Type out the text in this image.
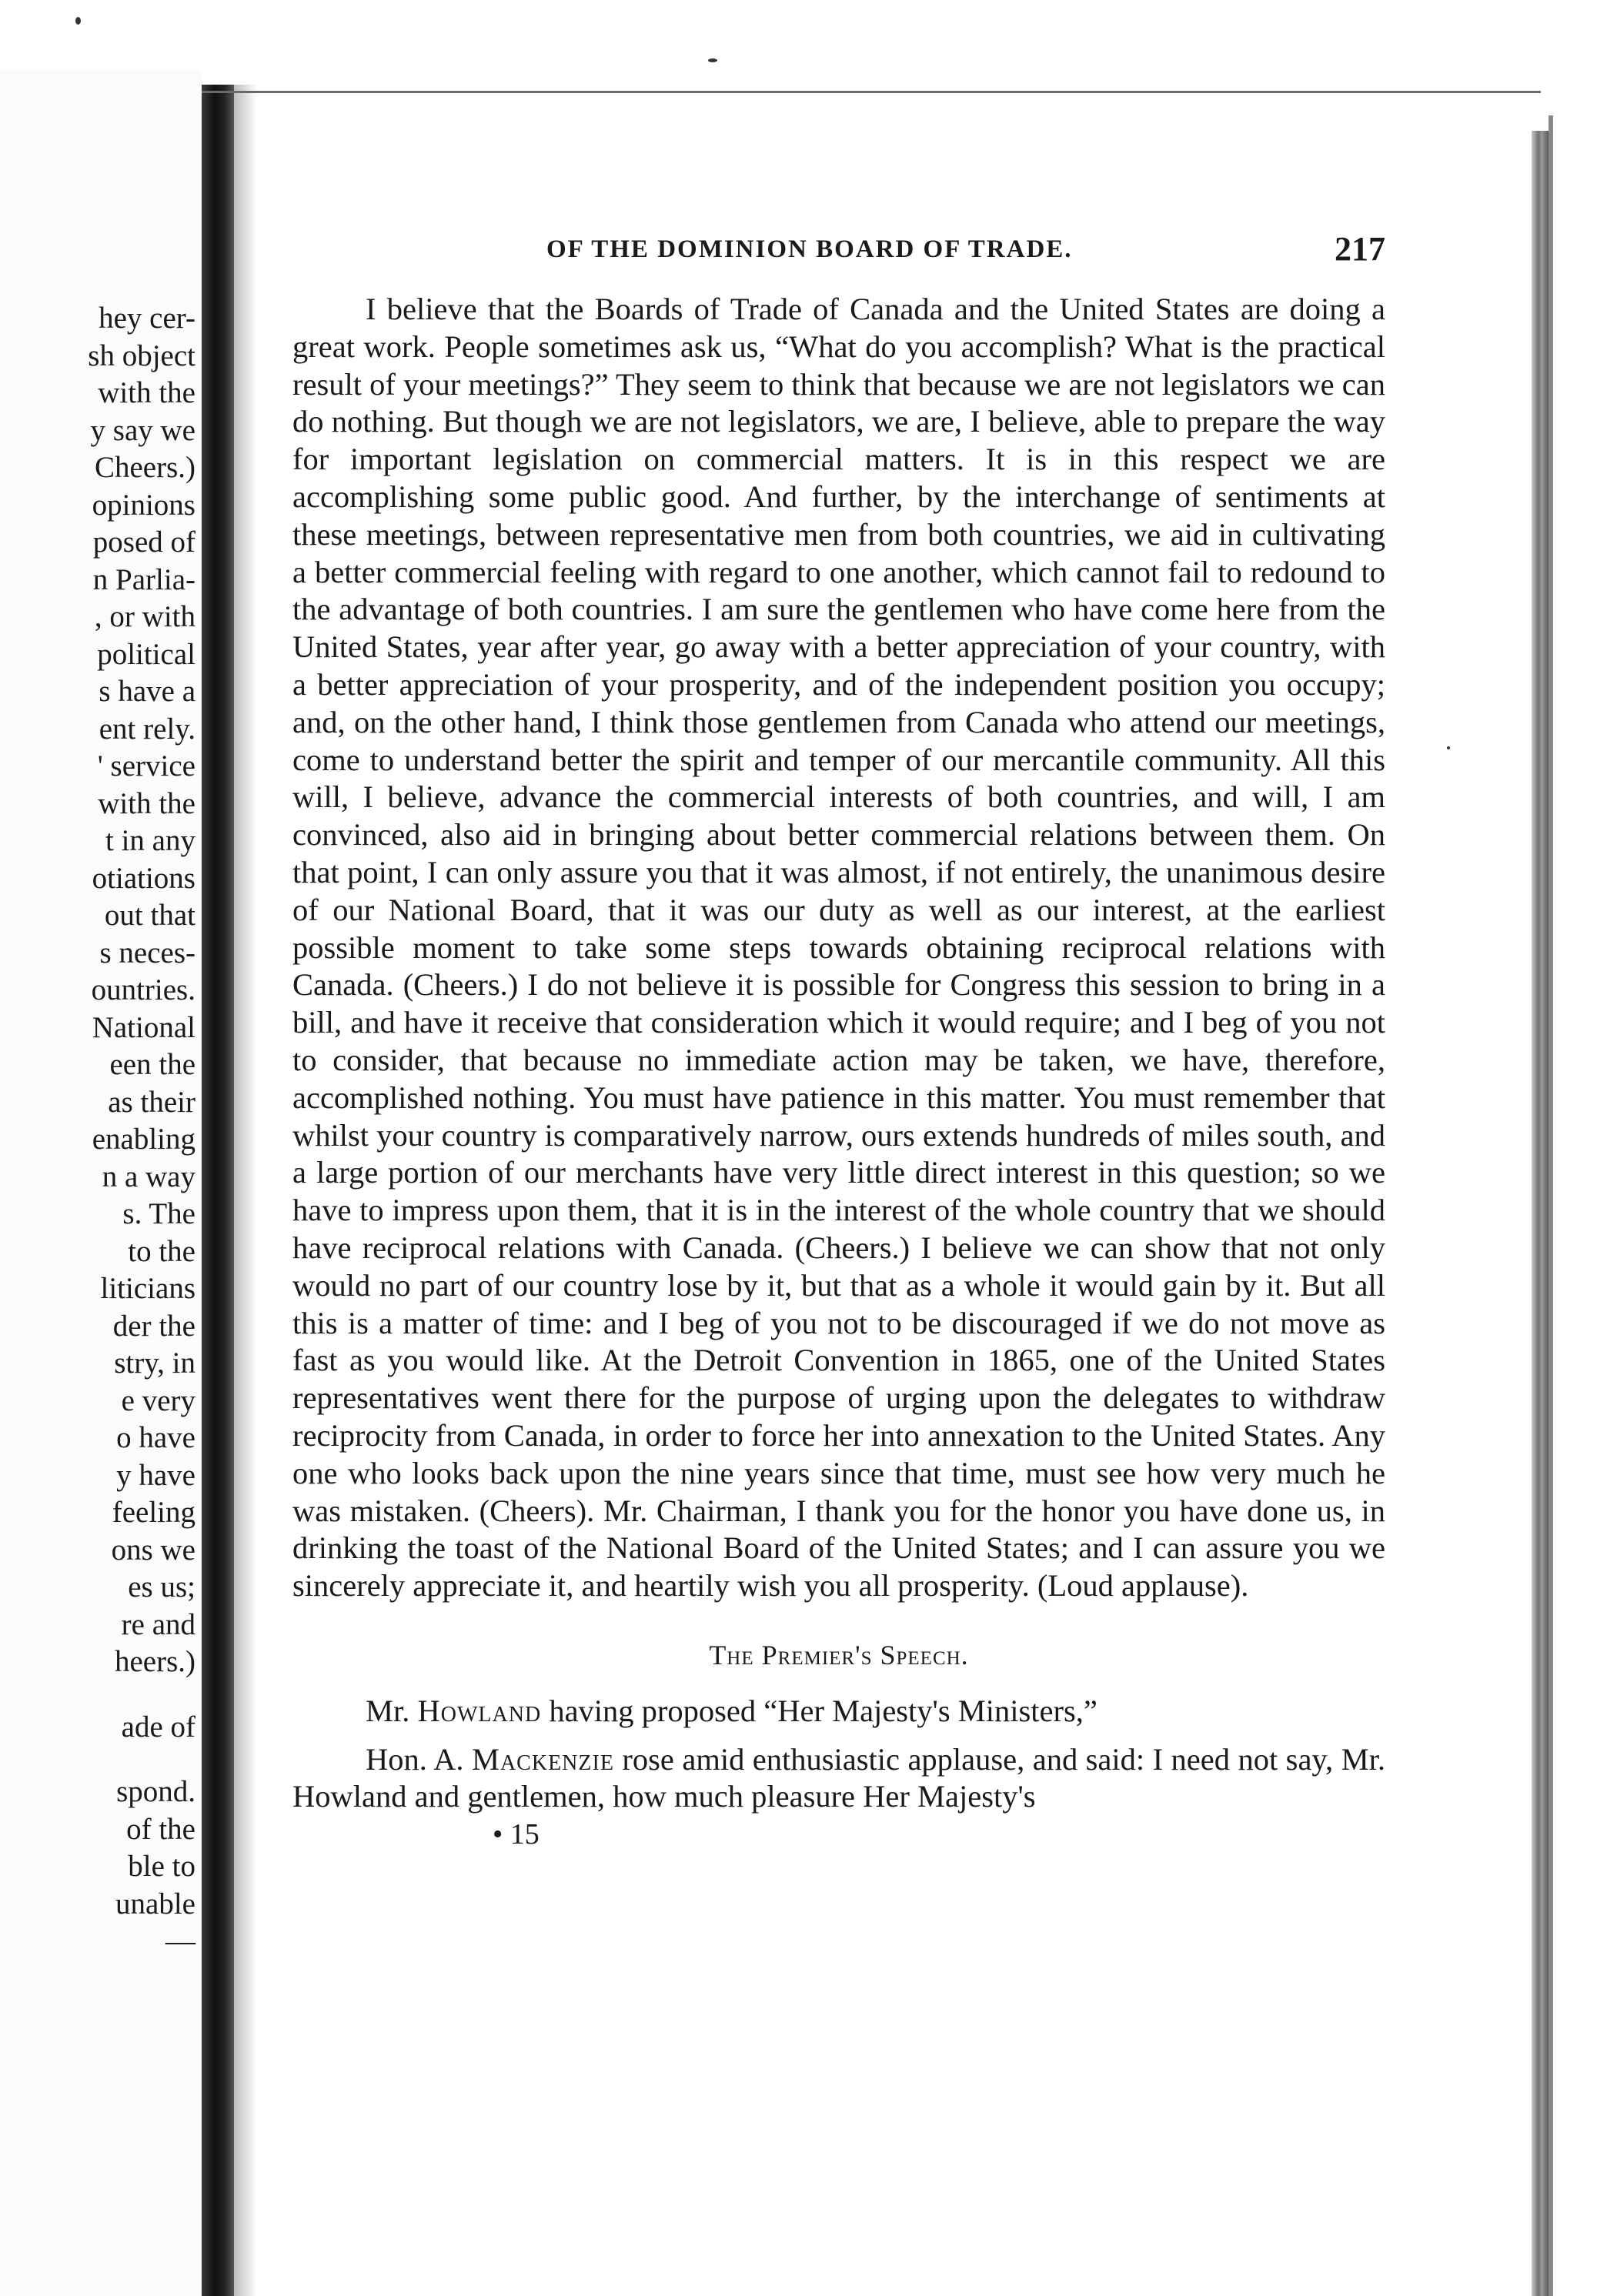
hey cer-
sh object
with the
y say we
Cheers.)
opinions
posed of
n Parlia-
, or with
political
s have a
ent rely.
' service
with the
t in any
otiations
out that
s neces-
ountries.
National
een the
as their
enabling
n a way
s. The
to the
liticians
der the
stry, in
e very
o have
y have
feeling
ons we
es us;
re and
heers.)
ade of
spond.
of the
ble to
unable
—
OF THE DOMINION BOARD OF TRADE.	217

I believe that the Boards of Trade of Canada and the United States are doing a great work. People sometimes ask us, “What do you accomplish? What is the practical result of your meetings?” They seem to think that because we are not legislators we can do nothing. But though we are not legislators, we are, I believe, able to prepare the way for important legislation on commercial matters. It is in this respect we are accomplishing some public good. And further, by the interchange of sentiments at these meetings, between representative men from both countries, we aid in cultivating a better commercial feeling with regard to one another, which cannot fail to redound to the advantage of both countries. I am sure the gentlemen who have come here from the United States, year after year, go away with a better appreciation of your country, with a better appreciation of your prosperity, and of the independent position you occupy; and, on the other hand, I think those gentlemen from Canada who attend our meetings, come to understand better the spirit and temper of our mercantile community. All this will, I believe, advance the commercial interests of both countries, and will, I am convinced, also aid in bringing about better commercial relations between them. On that point, I can only assure you that it was almost, if not entirely, the unanimous desire of our National Board, that it was our duty as well as our interest, at the earliest possible moment to take some steps towards obtaining reciprocal relations with Canada. (Cheers.) I do not believe it is possible for Congress this session to bring in a bill, and have it receive that consideration which it would require; and I beg of you not to consider, that because no immediate action may be taken, we have, therefore, accomplished nothing. You must have patience in this matter. You must remember that whilst your country is comparatively narrow, ours extends hundreds of miles south, and a large portion of our merchants have very little direct interest in this question; so we have to impress upon them, that it is in the interest of the whole country that we should have reciprocal relations with Canada. (Cheers.) I believe we can show that not only would no part of our country lose by it, but that as a whole it would gain by it. But all this is a matter of time: and I beg of you not to be discouraged if we do not move as fast as you would like. At the Detroit Convention in 1865, one of the United States representatives went there for the purpose of urging upon the delegates to withdraw reciprocity from Canada, in order to force her into annexation to the United States. Any one who looks back upon the nine years since that time, must see how very much he was mistaken. (Cheers). Mr. Chairman, I thank you for the honor you have done us, in drinking the toast of the National Board of the United States; and I can assure you we sincerely appreciate it, and heartily wish you all prosperity. (Loud applause).

The Premier's Speech.

Mr. Howland having proposed “Her Majesty's Ministers,”

Hon. A. Mackenzie rose amid enthusiastic applause, and said: I need not say, Mr. Howland and gentlemen, how much pleasure Her Majesty's

• 15
